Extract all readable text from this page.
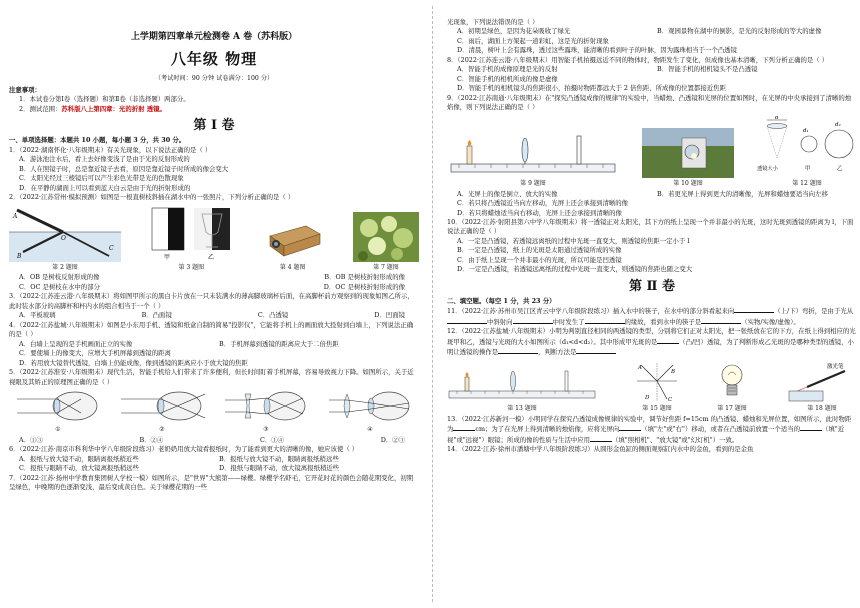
上学期第四章单元检测卷 A 卷（苏科版）

八年级 物理

（考试时间：90 分钟 试卷满分：100 分）

注意事项：

1．本试卷分第Ⅰ卷（选择题）和第Ⅱ卷（非选择题）两部分。

2．测试范围：苏科版八上第四章：光的折射 透镜。

第 Ⅰ 卷

一、单项选择题：本题共 10 小题，每小题 3 分，共 30 分。

1．（2022·湖南怀化·八年级期末）有关光现象，以下说法正确的是（ ）

A．游泳池注水后，看上去好像变浅了是由于光的反射形成的

B．人在照镜子时，总是靠近镜子去看，原因是靠近镜子时所成的像会变大

C．太阳光经过三棱镜后可以产生彩色光带是光的色散现象

D．在平静的湖面上可以看到蓝天白云是由于光的折射形成的

2．（2022·江苏常州·模拟预测）如图是一根直树枝斜插在湖水中的一张照片，下列分析正确的是（ ）

A
B
O
C
第 2 题图
甲	乙
第 3 题图	第 4 题图	第 7 题图
A．OB 是树枝反射形成的像	B．OB 是树枝折射形成的像
C．OC 是树枝在水中的部分	D．OC 是树枝折射形成的像

3．（2022·江苏连云港·八年级期末）将如图甲所示的黑白卡片放在一只未装满水的薄高脚玻璃杯后面，在高脚杯前方观察到的现象如图乙所示，此时装水部分的高脚杯和杯内水的组合相当于一个（ ）

A．平板玻璃	B．凸面镜	C．凸透镜	D．凹面镜

4．（2022·江苏盐城·八年级期末）如图是小东用手机、透镜和纸盒自制的简易"投影仪"，它能将手机上的画面放大投射到白墙上，下列说法正确的是（ ）

A．白墙上呈现的是手机画面正立的实像	B．手机屏幕到透镜的距离应大于二倍焦距

C．要使墙上的像变大，应增大手机屏幕到透镜的距离

D．若用放大镜替代透镜，白墙上仍能成像，像到透镜的距离应小于放大镜的焦距

5．（2022·江苏淮安·八年级期末）现代生活，智能手机给人们带来了许多便利，但长时间盯着手机屏幕，容易导致视力下降。如图所示，关于近视眼及其矫正的原理图正确的是（ ）

①	②	③	④
A．①③	B．②④	C．①④	D．②③

6．（2022·江苏·南京市科利华中学八年级阶段练习）老奶奶用放大镜看报纸时，为了能看到更大的清晰的像，她应该使（ ）

A．报纸与放大镜不动，眼睛离报纸稍近些	B．报纸与放大镜不动，眼睛离报纸稍远些
C．报纸与眼睛不动，放大镜离报纸稍远些	D．报纸与眼睛不动，放大镜离报纸稍近些

7．（2022·江苏·扬州中学教育集团树人学校一模）如图所示，是"世界"大熊第——绿樱。绿樱学名虾毛，它开花时花的颜色会随花期变化，初期呈绿色，中晚期的色逐渐变浅，最后变成黄白色。关于绿樱花期的一些

光现象，下列说法错误的是（ ）

A．初期呈绿色，是因为花朵吸收了绿光	B．观园景物在湖中的倒影，是光的反射形成的等大的虚像

C．雨后，湖面上方架起一道彩虹，这是光的折射现象

D．清晨，树叶上会有露珠，透过这些露珠，能清晰的看到叶子的叶脉，因为露珠相当于一个凸透镜

8．（2022·江苏连云港·八年级期末）用智能手机拍摄远近不同的物体时，物距发生了变化，但成像也基本清晰，下列分析正确的是（ ）

A．智能手机的成像原理是光的反射	B．智能手机的相机镜头不是凸透镜

C．智能手机的相机所成的像是虚像

D．智能手机的相机镜头的焦距很小，拍摄时物距都远大于 2 倍焦距，所成像的位置都接近焦距

9．（2022·江苏南通·八年级期末）在"探究凸透镜成像的规律"的实验中，当蜡烛、凸透镜和光屏的位置如图时，在光屏的中央承接到了清晰的烛焰像，则下列说法正确的是（ ）

第 9 题图	第 10 题图
d
d₁
d₂
透镜大小	甲	乙
第 12 题图
A．光屏上的像是倒立、放大的实像	B．若更光屏上得到更大的清晰像，光屏和蜡烛要适当向左移

C．若只将凸透镜近当向左移动，光屏上还会承接到清晰的像

D．若只将蜡烛适当向右移动，光屏上还会承接到清晰的像

10．（2022·江苏·射阳县第六中学八年级期末）将一透镜正对太阳光，其下方的纸上呈现一个并非最小的光斑，这时光斑到透镜的距离为 l，下面说法正确的是（ ）

A．一定是凸透镜，若透镜远离纸的过程中光斑一直变大，则透镜的焦距一定小于 l

B．一定是凸透镜，纸上的光斑是太阳通过透镜所成的实像

C．由于纸上呈现一个并非最小的光斑，所以可能是凹透镜

D．一定是凸透镜，若透镜远离纸的过程中光斑一直变大，则透镜的焦距也随之变大

第 Ⅱ 卷

二、填空题。（每空 1 分，共 23 分）

11．（2022·江苏·苏州市吴江区青云中学八年级阶段练习）插入水中的筷子，在水中的部分斜看起来向	（上/下）弯折，是由于光从中斜射向	中时发生了	的缘故，看到水中的筷子是	（实物/实像/虚像）。

12．（2022·江苏盐城·八年级期末）小明为判别直径相同的两透镜的类型，分别将它们正对太阳光，把一张纸放在它的下方，在纸上得到相应的光斑甲和乙，透镜与光斑的大小如图所示（d₁<d<d₂）。其中形成甲光斑的是	（凸/凹）透镜，为了判断形成乙光斑的是哪种类型的透镜，小明让透镜的操作是	，判断方法是

第 13 题图
A
B
C
D
第 15 题图	第 17 题图
激光笔
第 18 题图

13．（2022·江苏新河一模）小明同学在探究凸透镜成像规律的实验中，调节好焦距 f=15cm 的凸透镜、蜡烛和光屏位置，如图所示，此时物距为	cm；为了在光屏上得到清晰的烛焰像，应将光屏向	（填"左"或"右"）移动，或者在凸透镜前放置一个适当的	（填"近视"或"远视"）眼镜；所成的像的性质与生活中应用	（填"照相机"、"放大镜"或"幻灯机"）一致。

14．（2022·江苏·徐州市潘塘中学八年级阶段练习）从圆形金鱼缸的侧面观察缸内水中的金鱼，看到的是金鱼
